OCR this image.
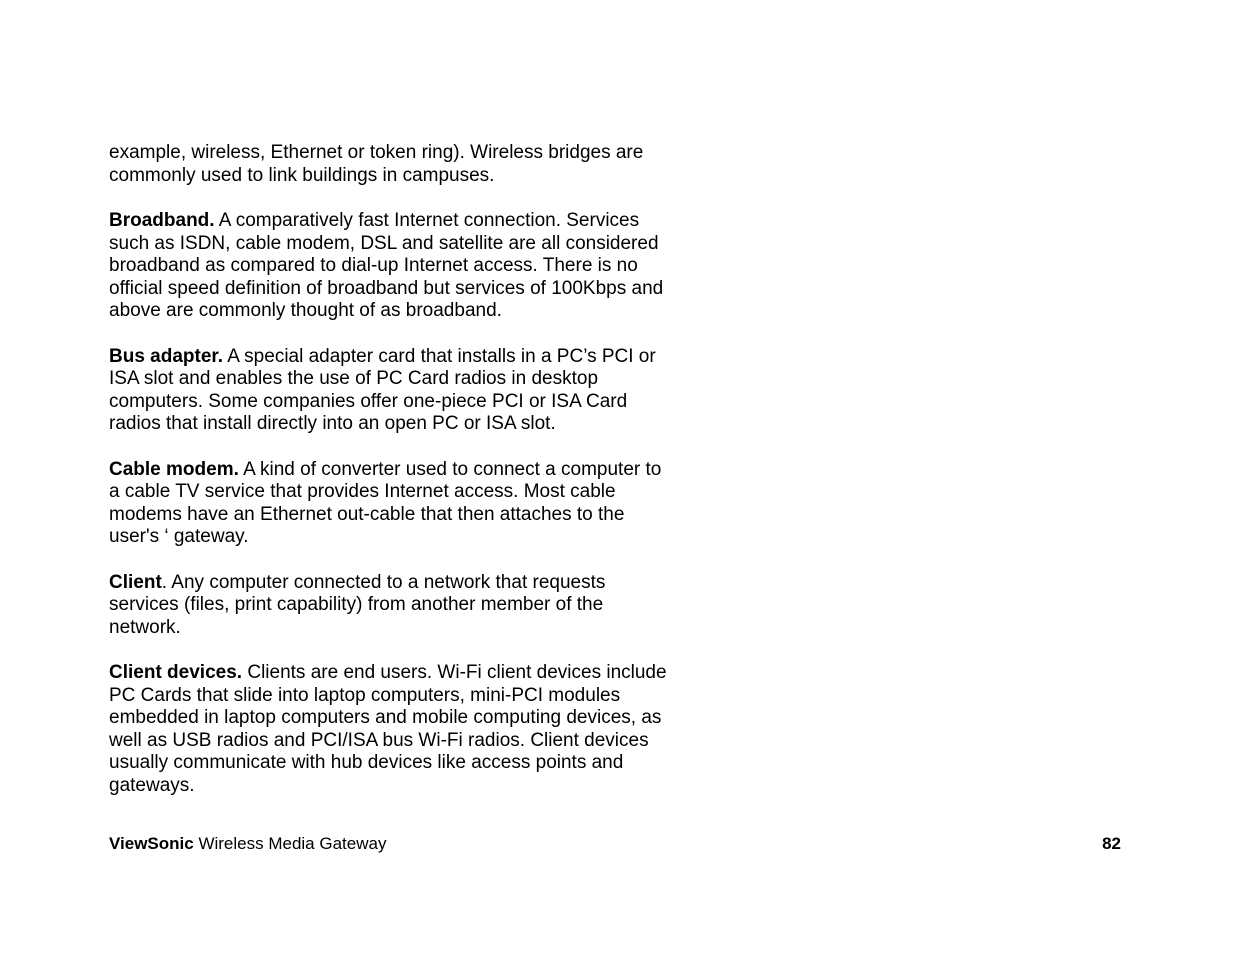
example, wireless, Ethernet or token ring). Wireless bridges are
commonly used to link buildings in campuses.

Broadband. A comparatively fast Internet connection. Services
such as ISDN, cable modem, DSL and satellite are all considered
broadband as compared to dial-up Internet access. There is no
official speed definition of broadband but services of 100Kbps and
above are commonly thought of as broadband.

Bus adapter. A special adapter card that installs in a PC’s PCI or
ISA slot and enables the use of PC Card radios in desktop
computers. Some companies offer one-piece PCI or ISA Card
radios that install directly into an open PC or ISA slot.

Cable modem. A kind of converter used to connect a computer to
a cable TV service that provides Internet access. Most cable
modems have an Ethernet out-cable that then attaches to the
user's ‘ gateway.

Client. Any computer connected to a network that requests
services (files, print capability) from another member of the
network.

Client devices. Clients are end users. Wi-Fi client devices include
PC Cards that slide into laptop computers, mini-PCI modules
embedded in laptop computers and mobile computing devices, as
well as USB radios and PCI/ISA bus Wi-Fi radios. Client devices
usually communicate with hub devices like access points and
gateways.

ViewSonic Wireless Media Gateway	82
